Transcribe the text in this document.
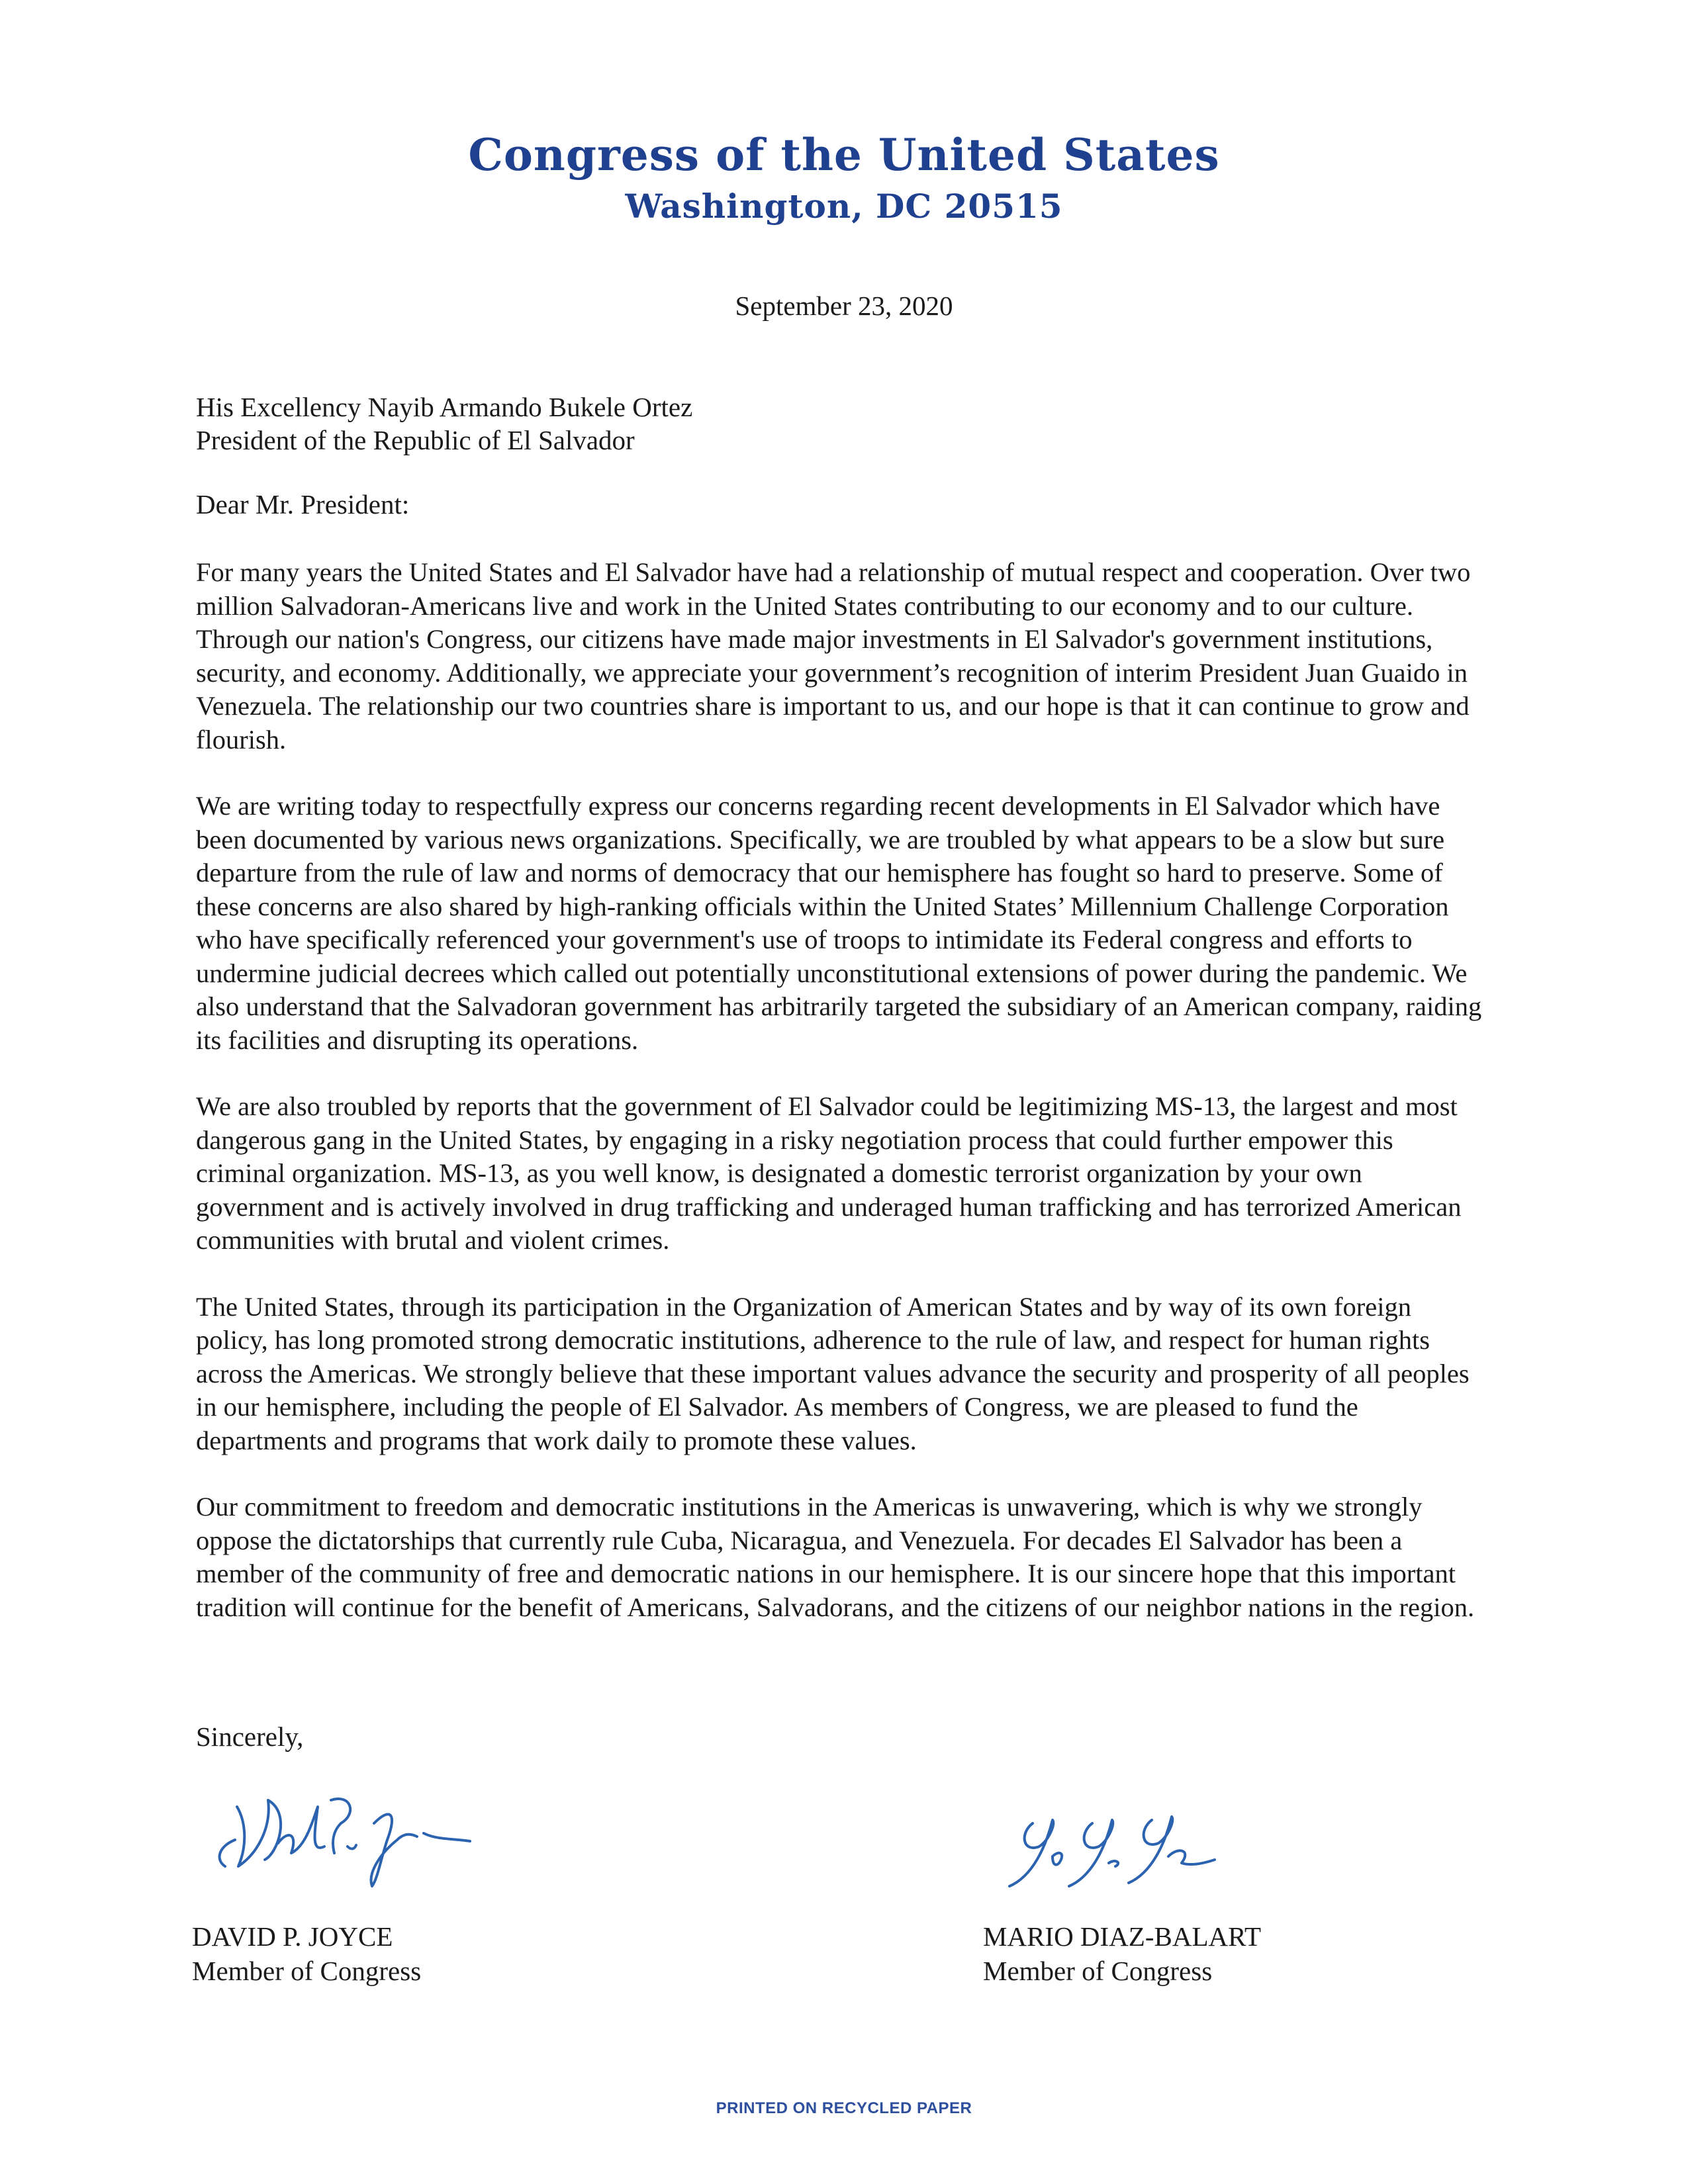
Congress of the United States
Washington, DC 20515
September 23, 2020
His Excellency Nayib Armando Bukele Ortez
President of the Republic of El Salvador
Dear Mr. President:

For many years the United States and El Salvador have had a relationship of mutual respect and cooperation. Over two million Salvadoran-Americans live and work in the United States contributing to our economy and to our culture. Through our nation's Congress, our citizens have made major investments in El Salvador's government institutions, security, and economy. Additionally, we appreciate your government’s recognition of interim President Juan Guaido in Venezuela. The relationship our two countries share is important to us, and our hope is that it can continue to grow and flourish.

We are writing today to respectfully express our concerns regarding recent developments in El Salvador which have been documented by various news organizations. Specifically, we are troubled by what appears to be a slow but sure departure from the rule of law and norms of democracy that our hemisphere has fought so hard to preserve. Some of these concerns are also shared by high-ranking officials within the United States’ Millennium Challenge Corporation who have specifically referenced your government's use of troops to intimidate its Federal congress and efforts to undermine judicial decrees which called out potentially unconstitutional extensions of power during the pandemic. We also understand that the Salvadoran government has arbitrarily targeted the subsidiary of an American company, raiding its facilities and disrupting its operations.

We are also troubled by reports that the government of El Salvador could be legitimizing MS-13, the largest and most dangerous gang in the United States, by engaging in a risky negotiation process that could further empower this criminal organization. MS-13, as you well know, is designated a domestic terrorist organization by your own government and is actively involved in drug trafficking and underaged human trafficking and has terrorized American communities with brutal and violent crimes.

The United States, through its participation in the Organization of American States and by way of its own foreign policy, has long promoted strong democratic institutions, adherence to the rule of law, and respect for human rights across the Americas. We strongly believe that these important values advance the security and prosperity of all peoples in our hemisphere, including the people of El Salvador. As members of Congress, we are pleased to fund the departments and programs that work daily to promote these values.

Our commitment to freedom and democratic institutions in the Americas is unwavering, which is why we strongly oppose the dictatorships that currently rule Cuba, Nicaragua, and Venezuela. For decades El Salvador has been a member of the community of free and democratic nations in our hemisphere. It is our sincere hope that this important tradition will continue for the benefit of Americans, Salvadorans, and the citizens of our neighbor nations in the region.

Sincerely,
DAVID P. JOYCE
Member of Congress
MARIO DIAZ-BALART
Member of Congress
PRINTED ON RECYCLED PAPER
